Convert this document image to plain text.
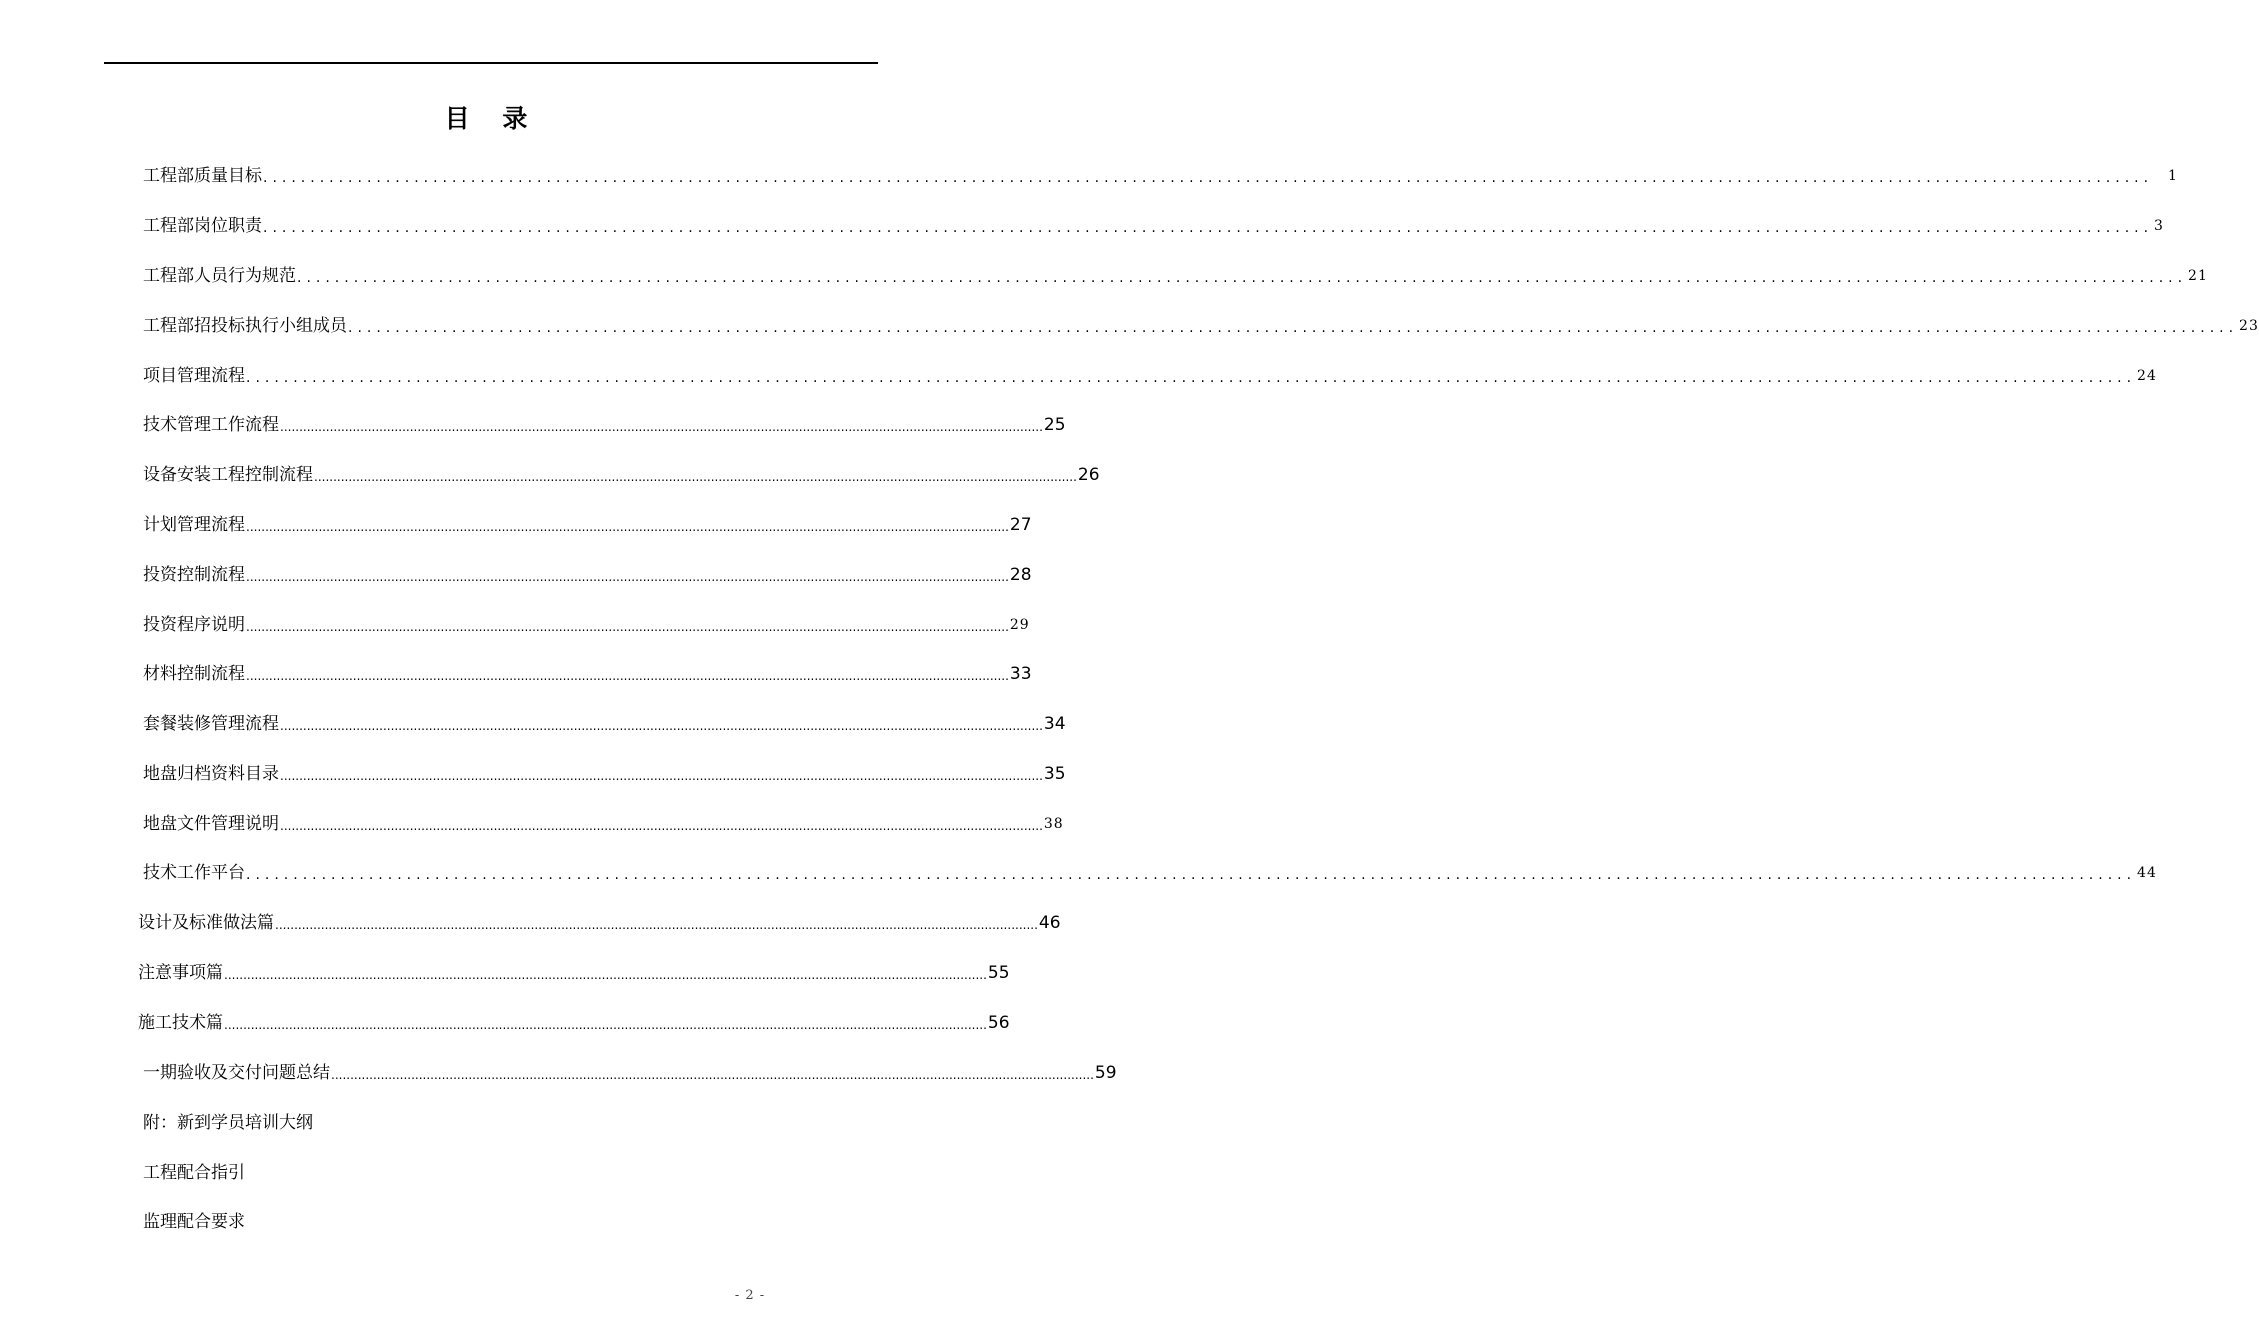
目 录
工程部质量目标 ........................................................................................................................................................................................................	1
工程部岗位职责 ........................................................................................................................................................................................................ 3
工程部人员行为规范 ........................................................................................................................................................................................................ 21
工程部招投标执行小组成员 ........................................................................................................................................................................................................ 23
项目管理流程 ........................................................................................................................................................................................................ 24
技术管理工作流程 ........................................................................................................................................................................................................ 25
设备安装工程控制流程 ........................................................................................................................................................................................................ 26
计划管理流程 ........................................................................................................................................................................................................ 27
投资控制流程 ........................................................................................................................................................................................................ 28
投资程序说明 ........................................................................................................................................................................................................ 29
材料控制流程 ........................................................................................................................................................................................................ 33
套餐装修管理流程 ........................................................................................................................................................................................................ 34
地盘归档资料目录 ........................................................................................................................................................................................................ 35
地盘文件管理说明 ........................................................................................................................................................................................................ 38
技术工作平台 ........................................................................................................................................................................................................ 44
设计及标准做法篇 ........................................................................................................................................................................................................ 46
注意事项篇 ........................................................................................................................................................................................................ 55
施工技术篇 ........................................................................................................................................................................................................ 56
一期验收及交付问题总结 ........................................................................................................................................................................................................ 59
附：新到学员培训大纲
工程配合指引
监理配合要求
- 2 -
